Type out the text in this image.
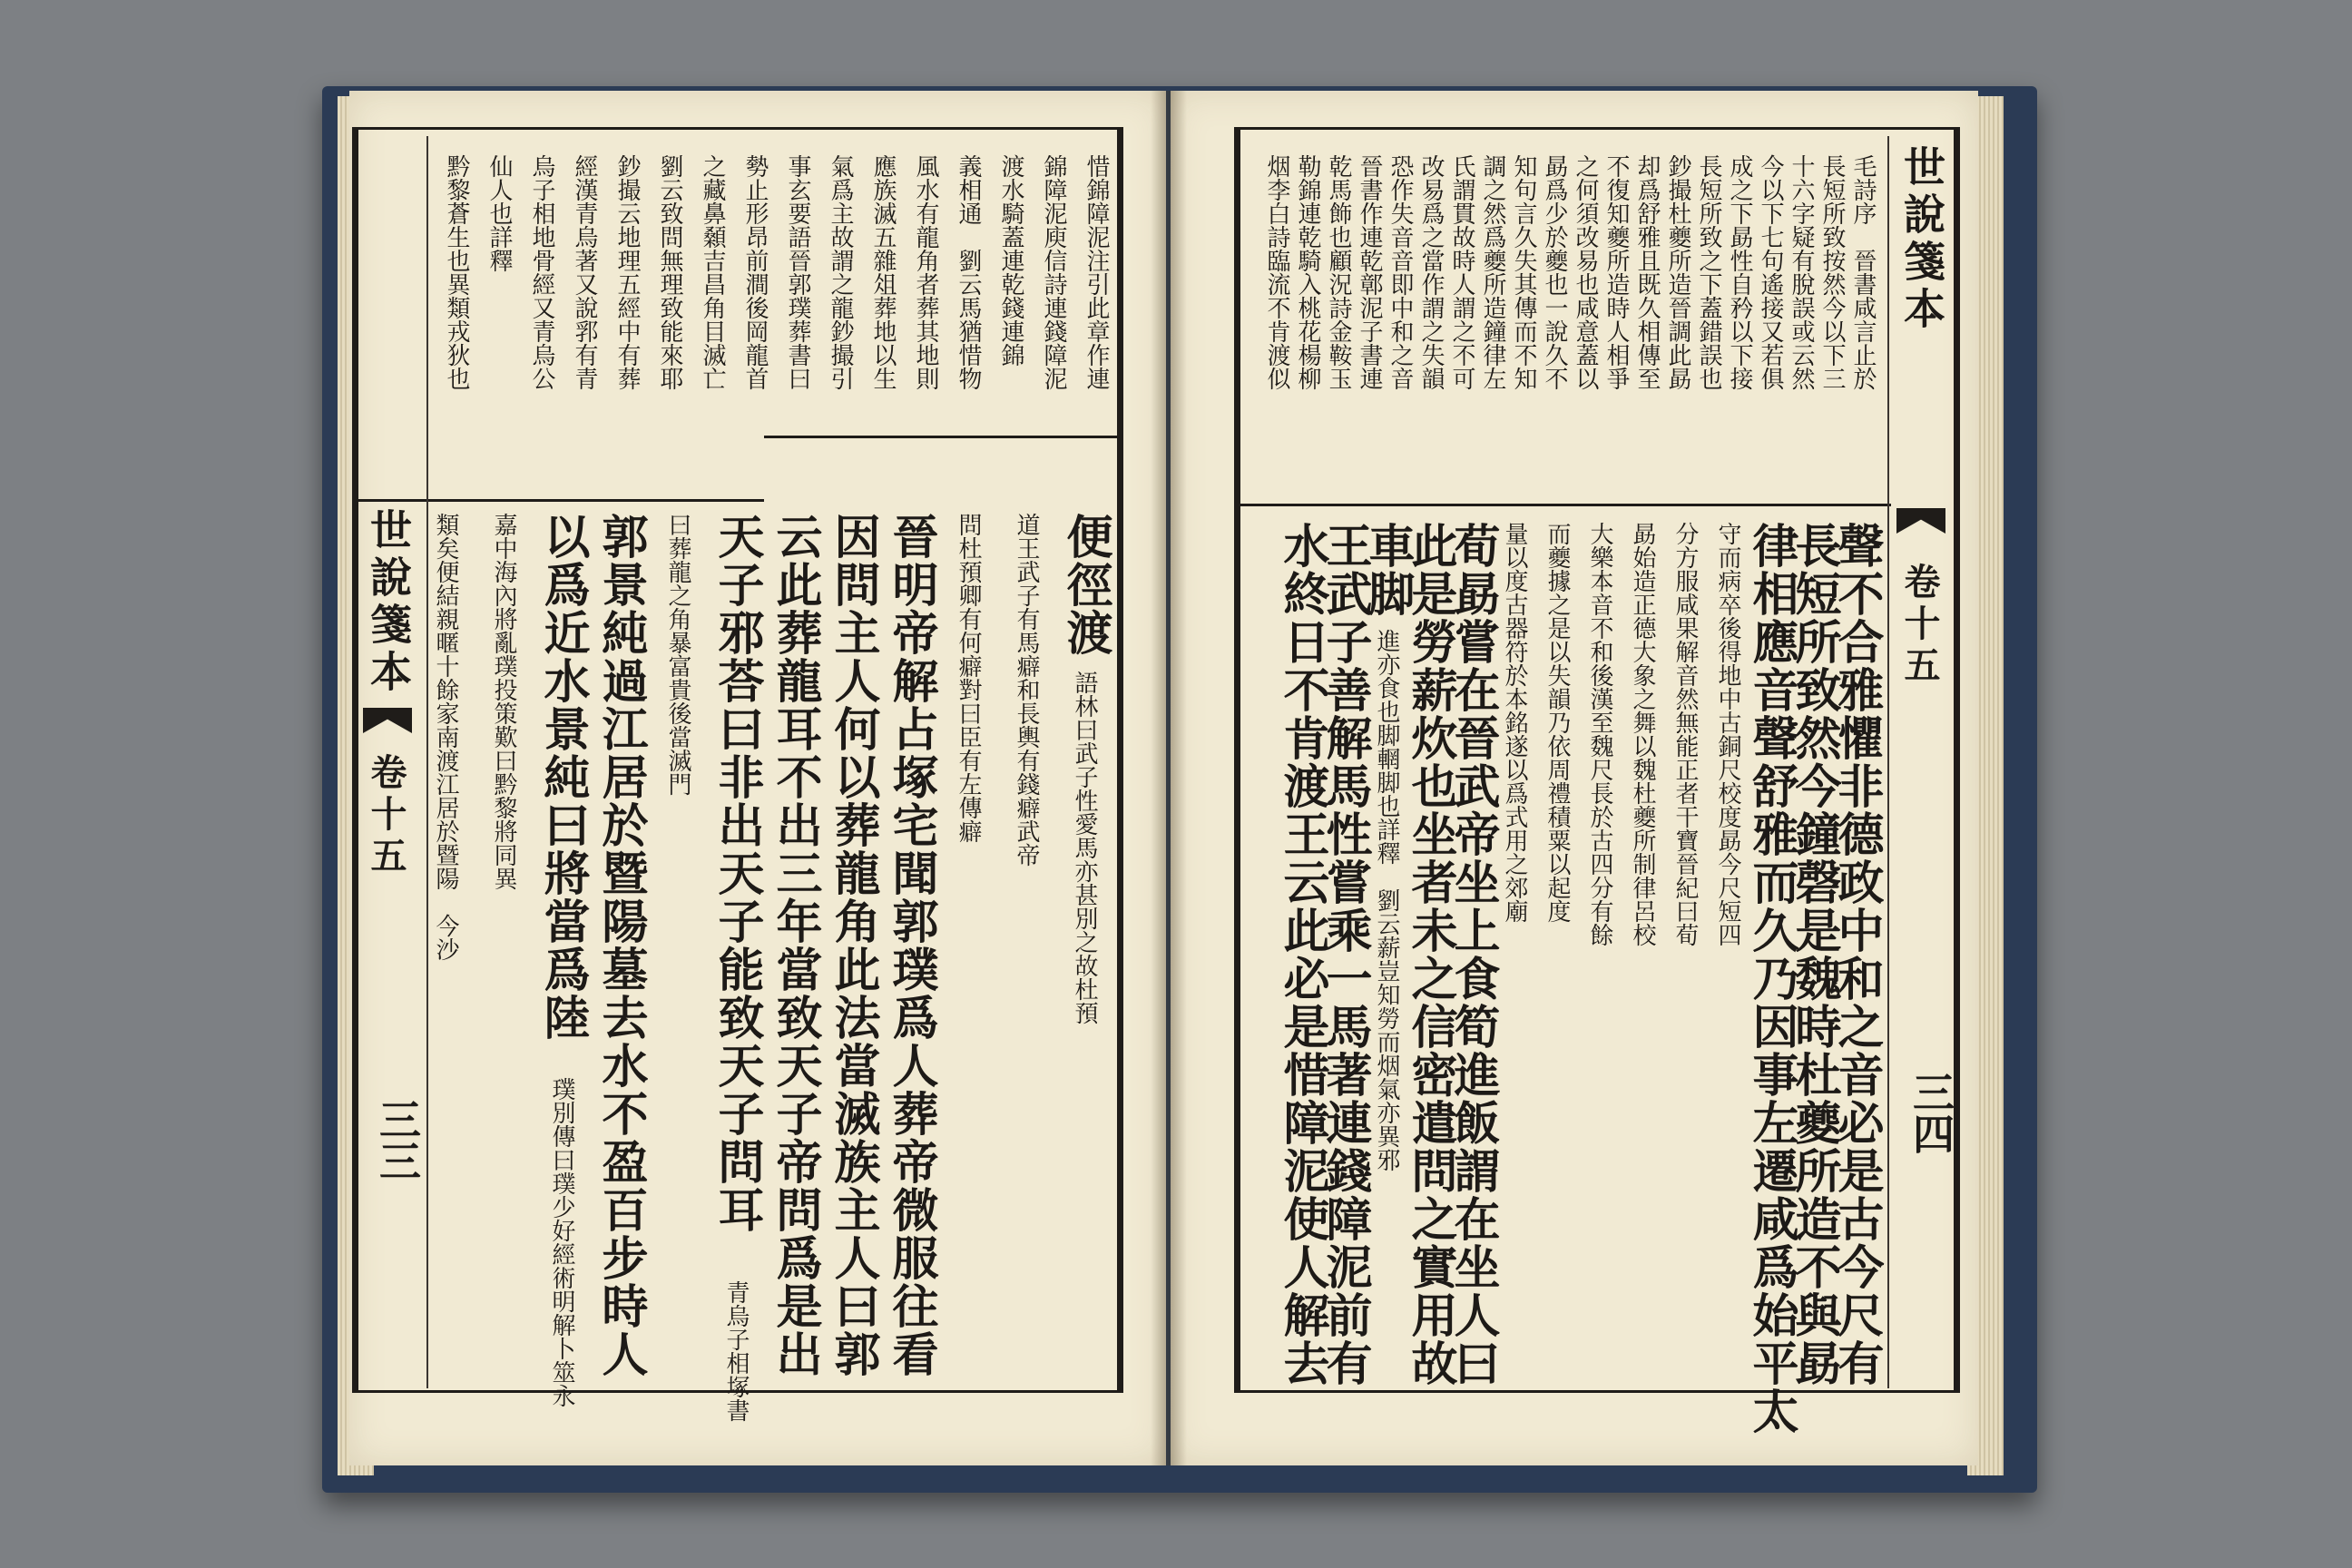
世說箋本
卷十五
三三
惜錦障泥注引此章作連
錦障泥庾信詩連錢障泥
渡水騎蓋連乾錢連錦
義相通　劉云馬猶惜物
風水有龍角者葬其地則
應族滅五雜俎葬地以生
氣爲主故謂之龍鈔撮引
事玄要語晉郭璞葬書曰
勢止形昂前澗後岡龍首
之藏鼻顙吉昌角目滅亡
劉云致問無理致能來耶
鈔撮云地理五經中有葬
經漢青烏著又說郛有青
烏子相地骨經又青烏公
仙人也詳釋
黔黎蒼生也異類戎狄也
便徑渡
語林曰武子性愛馬亦甚別之故杜預
道王武子有馬癖和長輿有錢癖武帝
問杜預卿有何癖對曰臣有左傳癖
晉明帝解占塚宅聞郭璞爲人葬帝微服往看
因問主人何以葬龍角此法當滅族主人曰郭
云此葬龍耳不出三年當致天子帝問爲是出
天子邪荅曰非出天子能致天子問耳
青烏子相塚書
曰葬龍之角暴富貴後當滅門
郭景純過江居於暨陽墓去水不盈百步時人
以爲近水景純曰將當爲陸
璞別傳曰璞少好經術明解卜筮永
嘉中海內將亂璞投策歎曰黔黎將同異
類矣便結親暱十餘家南渡江居於暨陽　今沙
世說箋本
卷十五
三四
毛詩序　晉書咸言止於
長短所致按然今以下三
十六字疑有脫誤或云然
今以下七句遙接又若俱
成之下勗性自矜以下接
長短所致之下蓋錯誤也
鈔撮杜夔所造晉調此勗
却爲舒雅且既久相傳至
不復知夔所造時人相爭
之何須改易也咸意蓋以
勗爲少於夔也一說久不
知句言久失其傳而不知
調之然爲夔所造鐘律左
氏謂貫故時人謂之不可
改易爲之當作謂之失韻
恐作失音音即中和之音
晉書作連乾鄣泥子書連
乾馬飾也顧況詩金鞍玉
勒錦連乾騎入桃花楊柳
烟李白詩臨流不肯渡似
聲不合雅懼非德政中和之音必是古今尺有
長短所致然今鐘磬是魏時杜夔所造不與勗
律相應音聲舒雅而久乃因事左遷咸爲始平太
守而病卒後得地中古銅尺校度勗今尺短四
分方服咸果解音然無能正者干寶晉紀曰荀
勗始造正德大象之舞以魏杜夔所制律呂校
大樂本音不和後漢至魏尺長於古四分有餘
而夔據之是以失韻乃依周禮積粟以起度
量以度古器符於本銘遂以爲式用之郊廟
荀勗嘗在晉武帝坐上食筍進飯謂在坐人曰
此是勞薪炊也坐者未之信密遣問之實用故
車脚
進亦食也脚輞脚也詳釋　劉云薪豈知勞而烟氣亦異邪
王武子善解馬性嘗乘一馬著連錢障泥前有
水終日不肯渡王云此必是惜障泥使人解去
